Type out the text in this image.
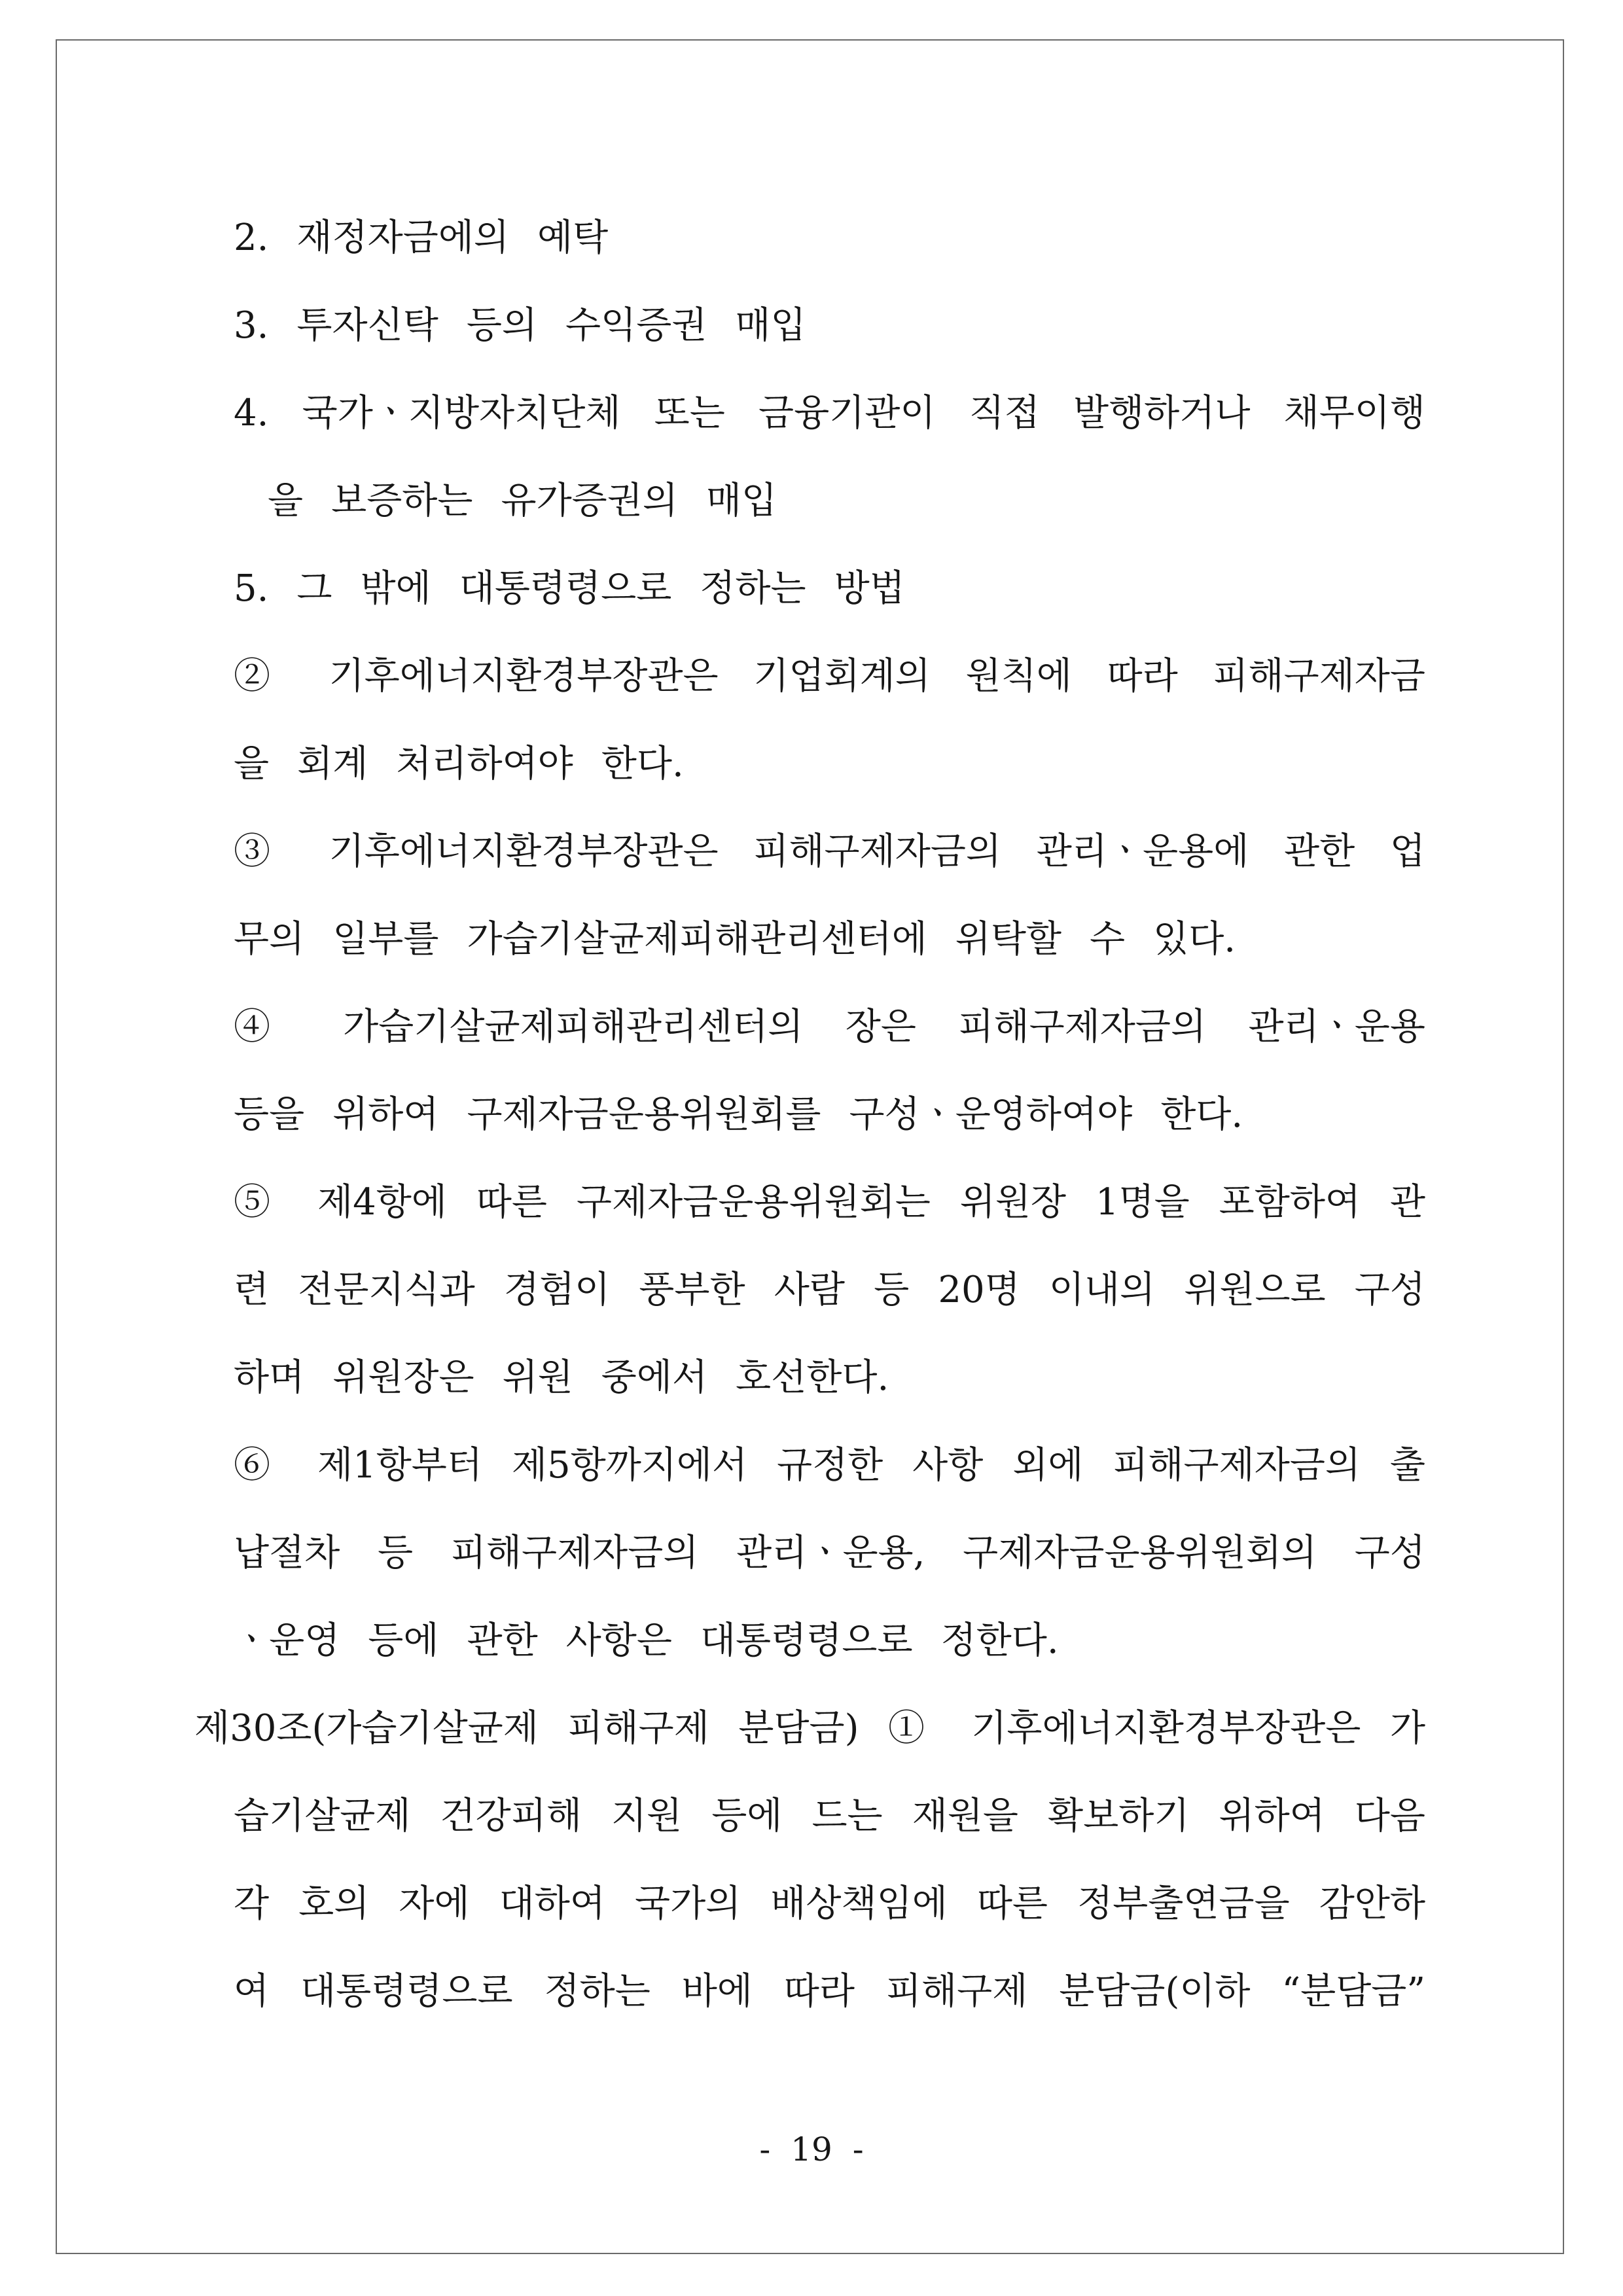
2. 재정자금에의 예탁
3. 투자신탁 등의 수익증권 매입
4. 국가ㆍ지방자치단체 또는 금융기관이 직접 발행하거나 채무이행
을 보증하는 유가증권의 매입
5. 그 밖에 대통령령으로 정하는 방법
② 기후에너지환경부장관은 기업회계의 원칙에 따라 피해구제자금
을 회계 처리하여야 한다.
③ 기후에너지환경부장관은 피해구제자금의 관리ㆍ운용에 관한 업
무의 일부를 가습기살균제피해관리센터에 위탁할 수 있다.
④ 가습기살균제피해관리센터의 장은 피해구제자금의 관리ㆍ운용
등을 위하여 구제자금운용위원회를 구성ㆍ운영하여야 한다.
⑤ 제4항에 따른 구제자금운용위원회는 위원장 1명을 포함하여 관
련 전문지식과 경험이 풍부한 사람 등 20명 이내의 위원으로 구성
하며 위원장은 위원 중에서 호선한다.
⑥ 제1항부터 제5항까지에서 규정한 사항 외에 피해구제자금의 출
납절차 등 피해구제자금의 관리ㆍ운용, 구제자금운용위원회의 구성
ㆍ운영 등에 관한 사항은 대통령령으로 정한다.
제30조(가습기살균제 피해구제 분담금) ① 기후에너지환경부장관은 가
습기살균제 건강피해 지원 등에 드는 재원을 확보하기 위하여 다음
각 호의 자에 대하여 국가의 배상책임에 따른 정부출연금을 감안하
여 대통령령으로 정하는 바에 따라 피해구제 분담금(이하 “분담금”
- 19 -
